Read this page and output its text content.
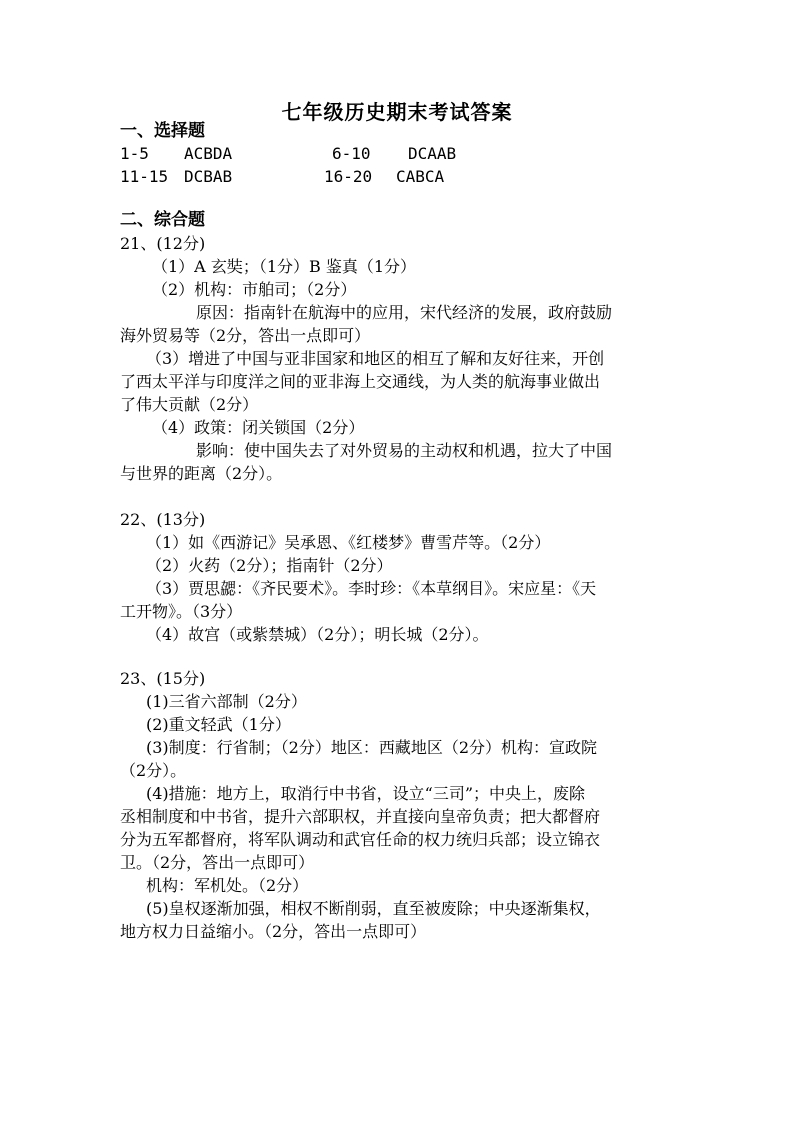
七年级历史期末考试答案
一、选择题
1-5 ACBDA	6-10 DCAAB
11-15 DCBAB	16-20 CABCA
二、综合题
21、(12分)
（1）A 玄奘；（1分）B 鉴真（1分）
（2）机构：市舶司；（2分）
原因：指南针在航海中的应用，宋代经济的发展，政府鼓励
海外贸易等（2分，答出一点即可）
（3）增进了中国与亚非国家和地区的相互了解和友好往来，开创
了西太平洋与印度洋之间的亚非海上交通线，为人类的航海事业做出
了伟大贡献（2分）
（4）政策：闭关锁国（2分）
影响：使中国失去了对外贸易的主动权和机遇，拉大了中国
与世界的距离（2分）。
22、(13分)
（1）如《西游记》吴承恩、《红楼梦》曹雪芹等。（2分）
（2）火药（2分）；指南针（2分）
（3）贾思勰：《齐民要术》。李时珍：《本草纲目》。宋应星：《天
工开物》。（3分）
（4）故宫（或紫禁城）（2分）；明长城（2分）。
23、(15分)
(1)三省六部制（2分）
(2)重文轻武（1分）
(3)制度：行省制；（2分）地区：西藏地区（2分）机构：宣政院
（2分）。
(4)措施：地方上，取消行中书省，设立“三司”；中央上，废除
丞相制度和中书省，提升六部职权，并直接向皇帝负责；把大都督府
分为五军都督府，将军队调动和武官任命的权力统归兵部；设立锦衣
卫。（2分，答出一点即可）
机构：军机处。（2分）
(5)皇权逐渐加强，相权不断削弱，直至被废除；中央逐渐集权，
地方权力日益缩小。（2分，答出一点即可）
